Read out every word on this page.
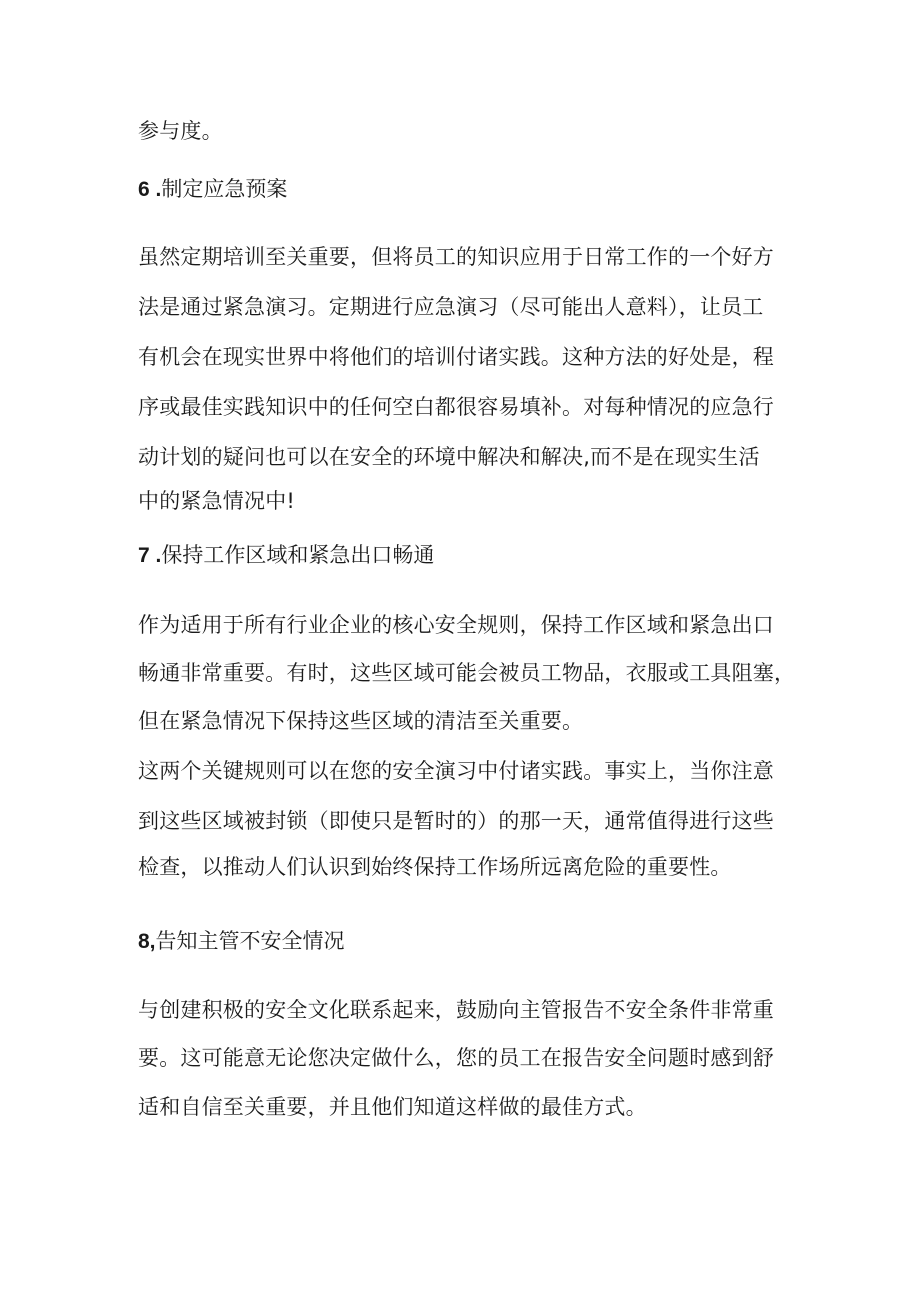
参与度。
6 .制定应急预案
虽然定期培训至关重要，但将员工的知识应用于日常工作的一个好方
法是通过紧急演习。定期进行应急演习（尽可能出人意料），让员工
有机会在现实世界中将他们的培训付诸实践。这种方法的好处是，程
序或最佳实践知识中的任何空白都很容易填补。对每种情况的应急行
动计划的疑问也可以在安全的环境中解决和解决,而不是在现实生活
中的紧急情况中!
7 .保持工作区域和紧急出口畅通
作为适用于所有行业企业的核心安全规则，保持工作区域和紧急出口
畅通非常重要。有时，这些区域可能会被员工物品，衣服或工具阻塞，
但在紧急情况下保持这些区域的清洁至关重要。
这两个关键规则可以在您的安全演习中付诸实践。事实上，当你注意
到这些区域被封锁（即使只是暂时的）的那一天，通常值得进行这些
检查，以推动人们认识到始终保持工作场所远离危险的重要性。
8,告知主管不安全情况
与创建积极的安全文化联系起来，鼓励向主管报告不安全条件非常重
要。这可能意无论您决定做什么，您的员工在报告安全问题时感到舒
适和自信至关重要，并且他们知道这样做的最佳方式。
